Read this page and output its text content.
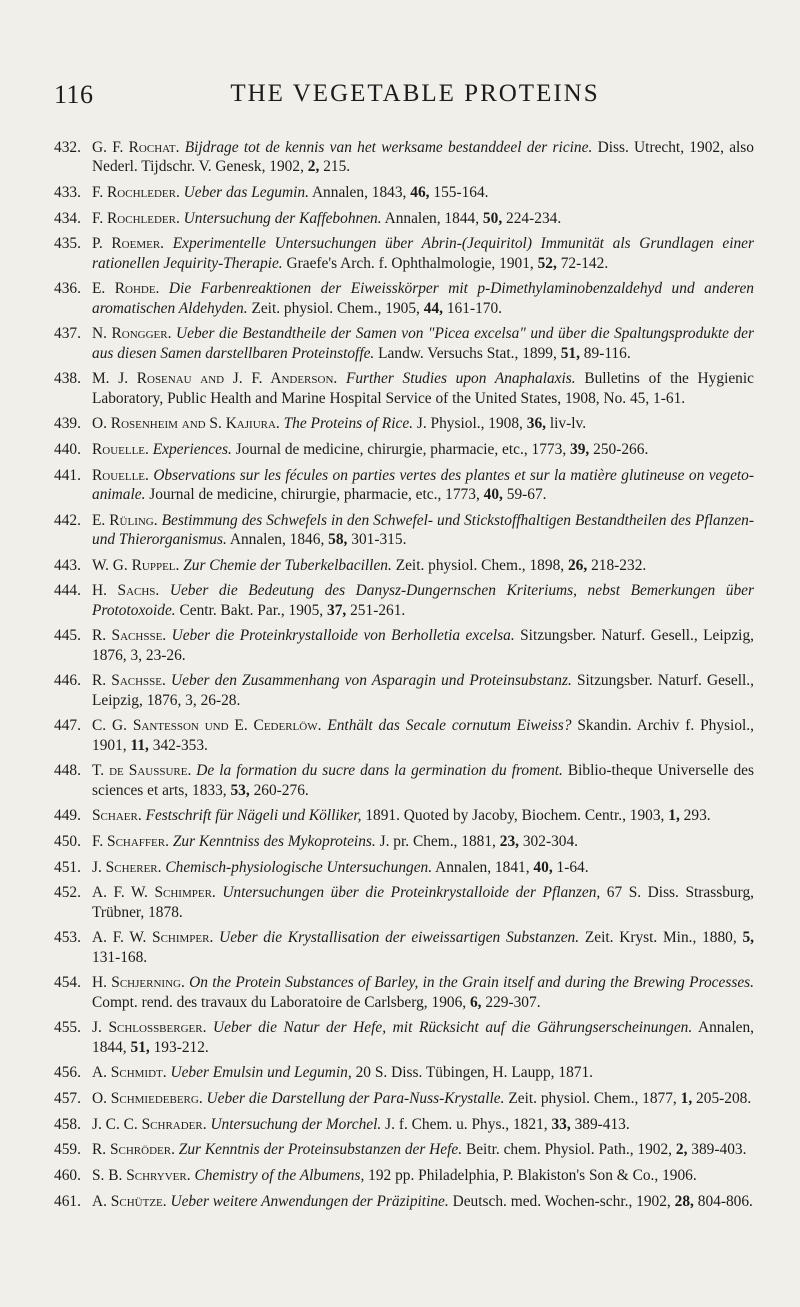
116	THE VEGETABLE PROTEINS
432. G. F. Rochat. Bijdrage tot de kennis van het werksame bestanddeel der ricine. Diss. Utrecht, 1902, also Nederl. Tijdschr. V. Genesk, 1902, 2, 215.
433. F. Rochleder. Ueber das Legumin. Annalen, 1843, 46, 155-164.
434. F. Rochleder. Untersuchung der Kaffebohnen. Annalen, 1844, 50, 224-234.
435. P. Roemer. Experimentelle Untersuchungen über Abrin-(Jequiritol) Immunität als Grundlagen einer rationellen Jequirity-Therapie. Graefe's Arch. f. Ophthalmologie, 1901, 52, 72-142.
436. E. Rohde. Die Farbenreaktionen der Eiweisskörper mit p-Dimethylaminobenzaldehyd und anderen aromatischen Aldehyden. Zeit. physiol. Chem., 1905, 44, 161-170.
437. N. Rongger. Ueber die Bestandtheile der Samen von "Picea excelsa" und über die Spaltungsprodukte der aus diesen Samen darstellbaren Proteinstoffe. Landw. Versuchs Stat., 1899, 51, 89-116.
438. M. J. Rosenau and J. F. Anderson. Further Studies upon Anaphalaxis. Bulletins of the Hygienic Laboratory, Public Health and Marine Hospital Service of the United States, 1908, No. 45, 1-61.
439. O. Rosenheim and S. Kajiura. The Proteins of Rice. J. Physiol., 1908, 36, liv-lv.
440. Rouelle. Experiences. Journal de medicine, chirurgie, pharmacie, etc., 1773, 39, 250-266.
441. Rouelle. Observations sur les fécules on parties vertes des plantes et sur la matière glutineuse on vegeto-animale. Journal de medicine, chirurgie, pharmacie, etc., 1773, 40, 59-67.
442. E. Rüling. Bestimmung des Schwefels in den Schwefel- und Stickstoffhaltigen Bestandtheilen des Pflanzen- und Thierorganismus. Annalen, 1846, 58, 301-315.
443. W. G. Ruppel. Zur Chemie der Tuberkelbacillen. Zeit. physiol. Chem., 1898, 26, 218-232.
444. H. Sachs. Ueber die Bedeutung des Danysz-Dungernschen Kriteriums, nebst Bemerkungen über Prototoxoide. Centr. Bakt. Par., 1905, 37, 251-261.
445. R. Sachsse. Ueber die Proteinkrystalloide von Berholletia excelsa. Sitzungsber. Naturf. Gesell., Leipzig, 1876, 3, 23-26.
446. R. Sachsse. Ueber den Zusammenhang von Asparagin und Proteinsubstanz. Sitzungsber. Naturf. Gesell., Leipzig, 1876, 3, 26-28.
447. C. G. Santesson und E. Cederlöw. Enthält das Secale cornutum Eiweiss? Skandin. Archiv f. Physiol., 1901, 11, 342-353.
448. T. de Saussure. De la formation du sucre dans la germination du froment. Biblio-theque Universelle des sciences et arts, 1833, 53, 260-276.
449. Schaer. Festschrift für Nägeli und Kölliker, 1891. Quoted by Jacoby, Biochem. Centr., 1903, 1, 293.
450. F. Schaffer. Zur Kenntniss des Mykoproteins. J. pr. Chem., 1881, 23, 302-304.
451. J. Scherer. Chemisch-physiologische Untersuchungen. Annalen, 1841, 40, 1-64.
452. A. F. W. Schimper. Untersuchungen über die Proteinkrystalloide der Pflanzen, 67 S. Diss. Strassburg, Trübner, 1878.
453. A. F. W. Schimper. Ueber die Krystallisation der eiweissartigen Substanzen. Zeit. Kryst. Min., 1880, 5, 131-168.
454. H. Schjerning. On the Protein Substances of Barley, in the Grain itself and during the Brewing Processes. Compt. rend. des travaux du Laboratoire de Carlsberg, 1906, 6, 229-307.
455. J. Schlossberger. Ueber die Natur der Hefe, mit Rücksicht auf die Gährungserscheinungen. Annalen, 1844, 51, 193-212.
456. A. Schmidt. Ueber Emulsin und Legumin, 20 S. Diss. Tübingen, H. Laupp, 1871.
457. O. Schmiedeberg. Ueber die Darstellung der Para-Nuss-Krystalle. Zeit. physiol. Chem., 1877, 1, 205-208.
458. J. C. C. Schrader. Untersuchung der Morchel. J. f. Chem. u. Phys., 1821, 33, 389-413.
459. R. Schröder. Zur Kenntnis der Proteinsubstanzen der Hefe. Beitr. chem. Physiol. Path., 1902, 2, 389-403.
460. S. B. Schryver. Chemistry of the Albumens, 192 pp. Philadelphia, P. Blakiston's Son & Co., 1906.
461. A. Schütze. Ueber weitere Anwendungen der Präzipitine. Deutsch. med. Wochen-schr., 1902, 28, 804-806.
